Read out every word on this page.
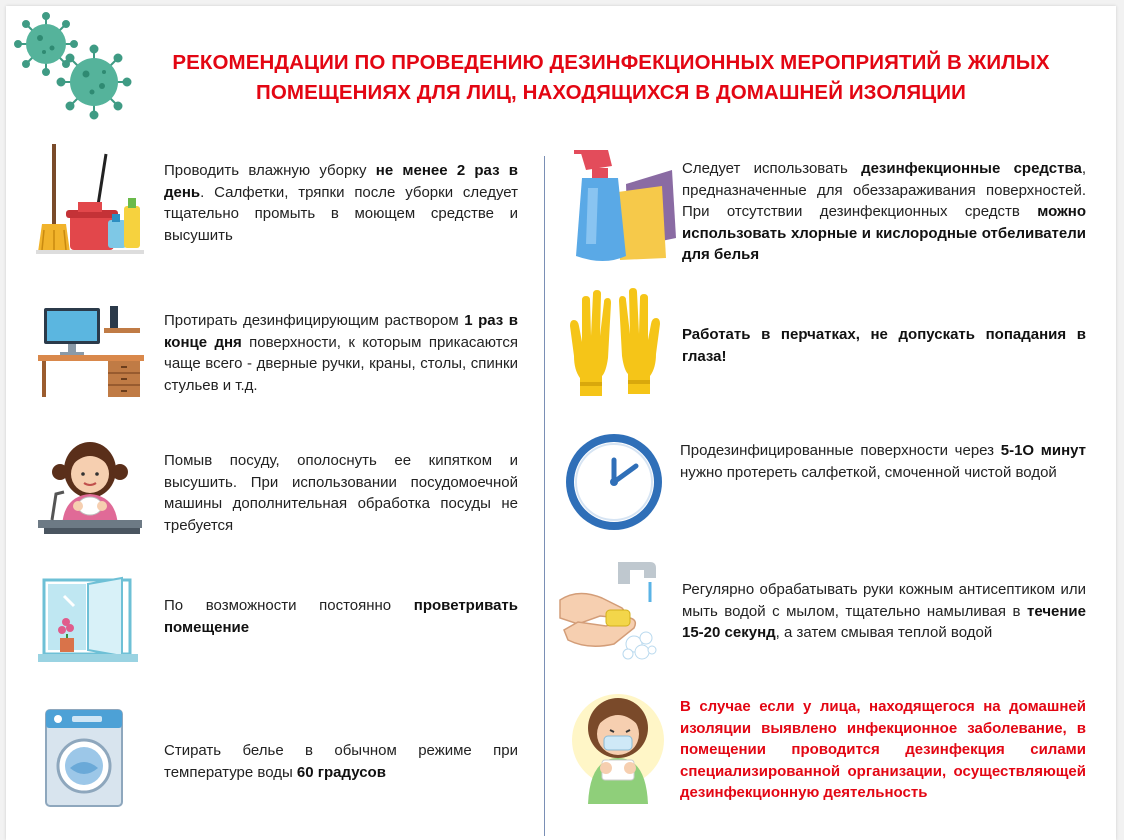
РЕКОМЕНДАЦИИ ПО ПРОВЕДЕНИЮ ДЕЗИНФЕКЦИОННЫХ МЕРОПРИЯТИЙ В ЖИЛЫХ
ПОМЕЩЕНИЯХ ДЛЯ ЛИЦ, НАХОДЯЩИХСЯ В ДОМАШНЕЙ ИЗОЛЯЦИИ
Проводить влажную уборку не менее 2 раз в день. Салфетки, тряпки после уборки следует тщательно промыть в моющем средстве и высушить
Протирать дезинфицирующим раствором 1 раз в конце дня поверхности, к которым прикасаются чаще всего - дверные ручки, краны, столы, спинки стульев и т.д.
Помыв посуду, ополоснуть ее кипятком и высушить. При использовании посудомоечной машины дополнительная обработка посуды не требуется
По возможности постоянно проветривать помещение
Стирать белье в обычном режиме при температуре воды 60 градусов
Следует использовать дезинфекционные средства, предназначенные для обеззараживания поверхностей. При отсутствии дезинфекционных средств можно использовать хлорные и кислородные отбеливатели для белья
Работать в перчатках, не допускать попадания в глаза!
Продезинфицированные поверхности через 5-1О минут нужно протереть салфеткой, смоченной чистой водой
Регулярно обрабатывать руки кожным антисептиком или мыть водой с мылом, тщательно намыливая в течение 15-20 секунд, а затем смывая теплой водой
В случае если у лица, находящегося на домашней изоляции выявлено инфекционное заболевание, в помещении проводится дезинфекция силами специализированной организации, осуществляющей дезинфекционную деятельность
